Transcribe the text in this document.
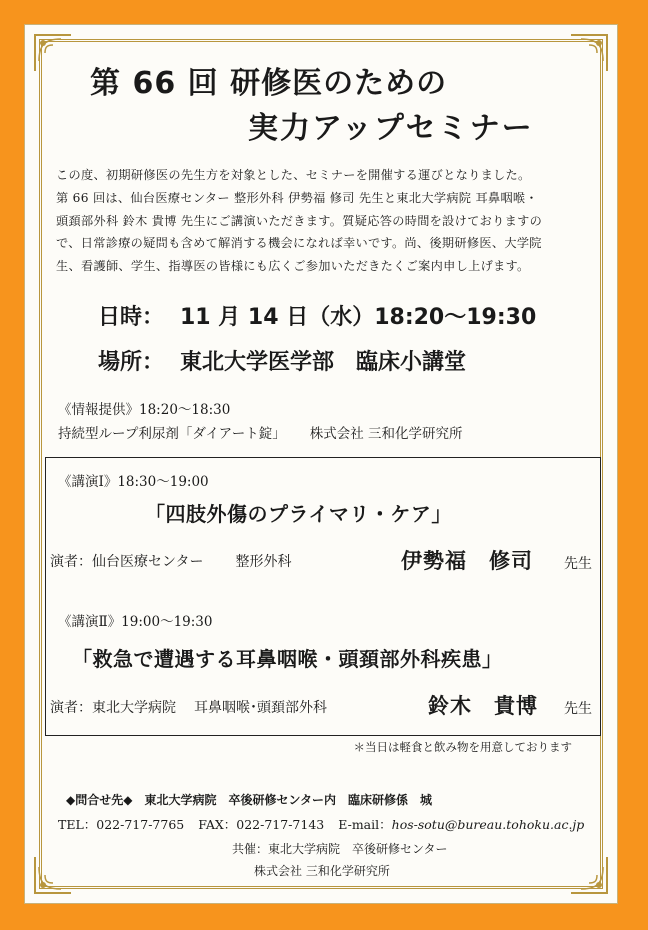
第 66 回 研修医のための
実力アップセミナー
この度、初期研修医の先生方を対象とした、セミナーを開催する運びとなりました。
第 66 回は、仙台医療センター 整形外科 伊勢福 修司 先生と東北大学病院 耳鼻咽喉・
頭頚部外科 鈴木 貴博 先生にご講演いただきます。質疑応答の時間を設けておりますの
で、日常診療の疑問も含めて解消する機会になれば幸いです。尚、後期研修医、大学院
生、看護師、学生、指導医の皆様にも広くご参加いただきたくご案内申し上げます。
日時： 11 月 14 日（水）18:20〜19:30
場所： 東北大学医学部　臨床小講堂
《情報提供》18:20〜18:30
持続型ループ利尿剤「ダイアート錠」 株式会社 三和化学研究所
《講演Ⅰ》18:30〜19:00
「四肢外傷のプライマリ・ケア」
演者：仙台医療センター 整形外科	伊勢福　修司 先生
《講演Ⅱ》19:00〜19:30
「救急で遭遇する耳鼻咽喉・頭頚部外科疾患」
演者：東北大学病院 耳鼻咽喉･頭頚部外科	鈴木　貴博 先生
＊当日は軽食と飲み物を用意しております
◆問合せ先◆　東北大学病院　卒後研修センター内　臨床研修係　城
TEL：022-717-7765 FAX：022-717-7143 E-mail：hos-sotu@bureau.tohoku.ac.jp
共催：東北大学病院　卒後研修センター
株式会社 三和化学研究所
